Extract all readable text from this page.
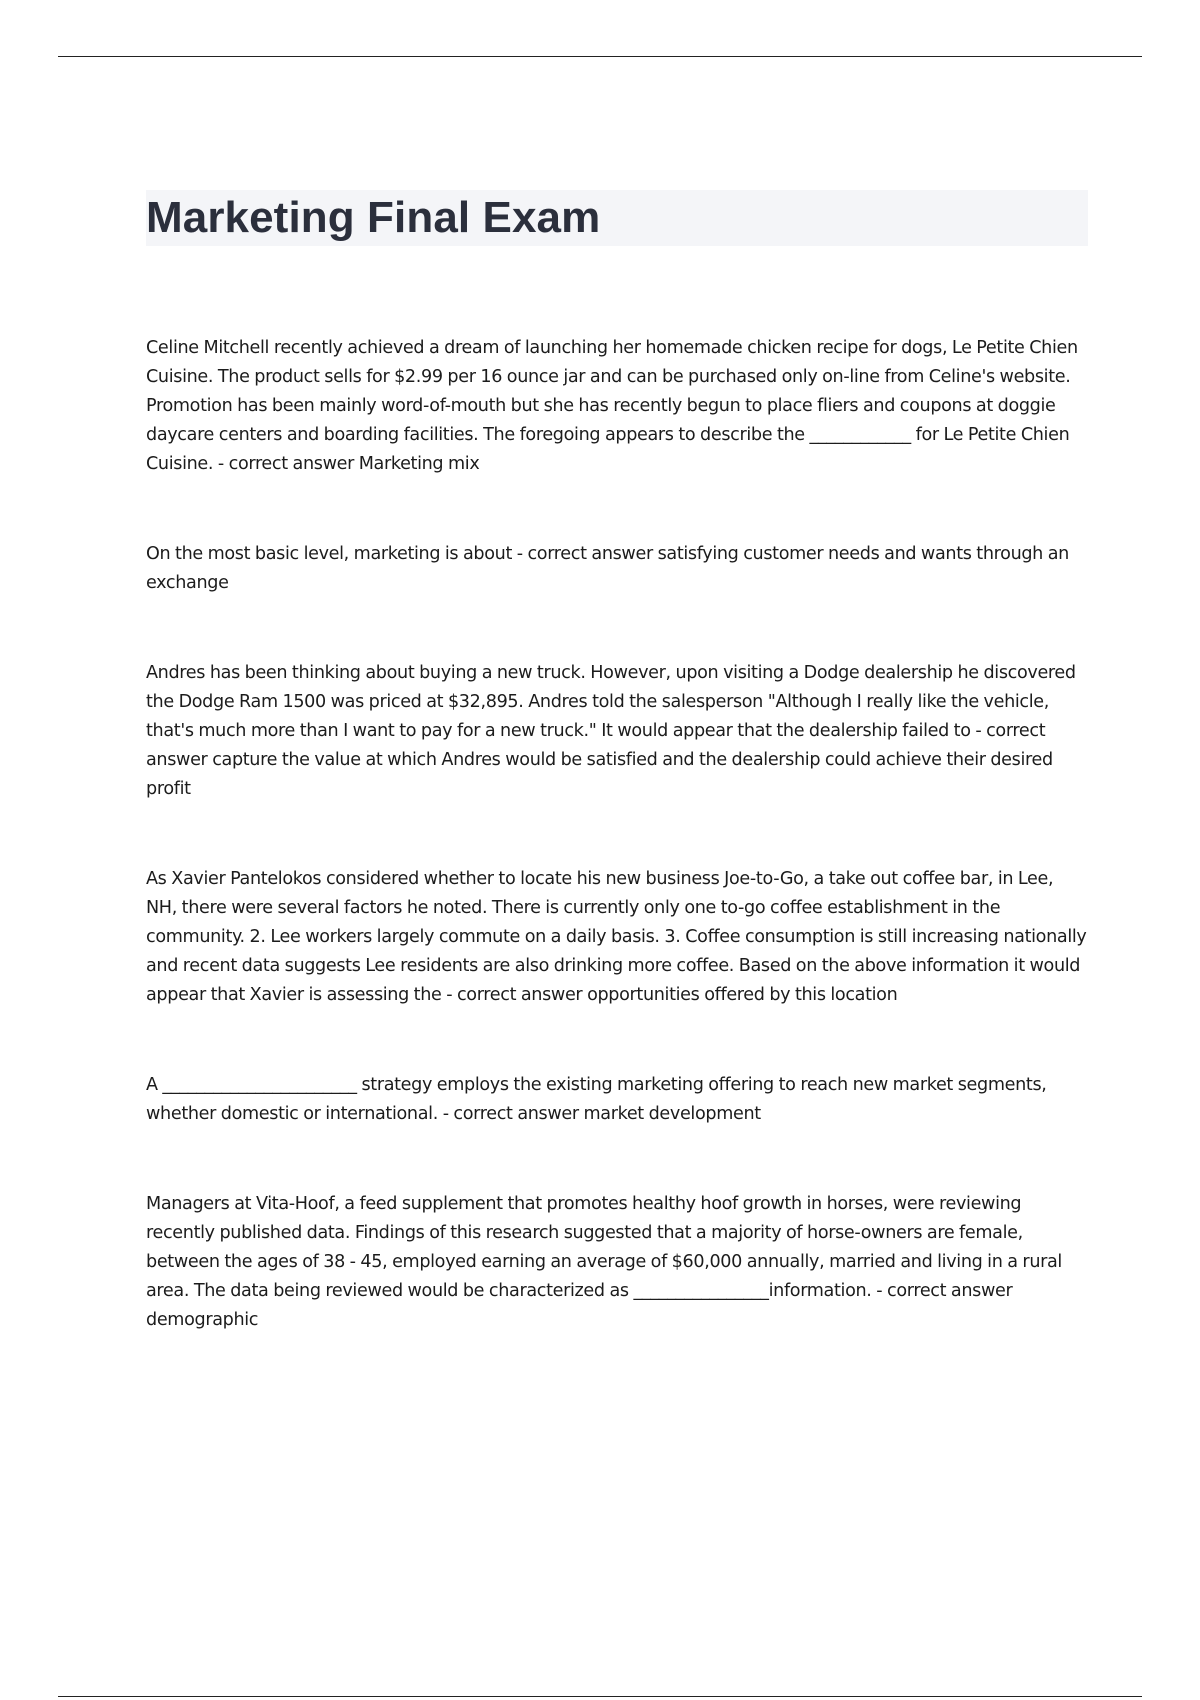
Marketing Final Exam

Celine Mitchell recently achieved a dream of launching her homemade chicken recipe for dogs, Le Petite Chien Cuisine. The product sells for $2.99 per 16 ounce jar and can be purchased only on-line from Celine's website. Promotion has been mainly word-of-mouth but she has recently begun to place fliers and coupons at doggie daycare centers and boarding facilities. The foregoing appears to describe the ____________ for Le Petite Chien Cuisine. - correct answer Marketing mix

On the most basic level, marketing is about - correct answer satisfying customer needs and wants through an exchange

Andres has been thinking about buying a new truck. However, upon visiting a Dodge dealership he discovered the Dodge Ram 1500 was priced at $32,895. Andres told the salesperson "Although I really like the vehicle, that's much more than I want to pay for a new truck." It would appear that the dealership failed to - correct answer capture the value at which Andres would be satisfied and the dealership could achieve their desired profit

As Xavier Pantelokos considered whether to locate his new business Joe-to-Go, a take out coffee bar, in Lee, NH, there were several factors he noted. There is currently only one to-go coffee establishment in the community. 2. Lee workers largely commute on a daily basis. 3. Coffee consumption is still increasing nationally and recent data suggests Lee residents are also drinking more coffee. Based on the above information it would appear that Xavier is assessing the - correct answer opportunities offered by this location

A _______________________ strategy employs the existing marketing offering to reach new market segments, whether domestic or international. - correct answer market development

Managers at Vita-Hoof, a feed supplement that promotes healthy hoof growth in horses, were reviewing recently published data. Findings of this research suggested that a majority of horse-owners are female, between the ages of 38 - 45, employed earning an average of $60,000 annually, married and living in a rural area. The data being reviewed would be characterized as ________________information. - correct answer demographic
